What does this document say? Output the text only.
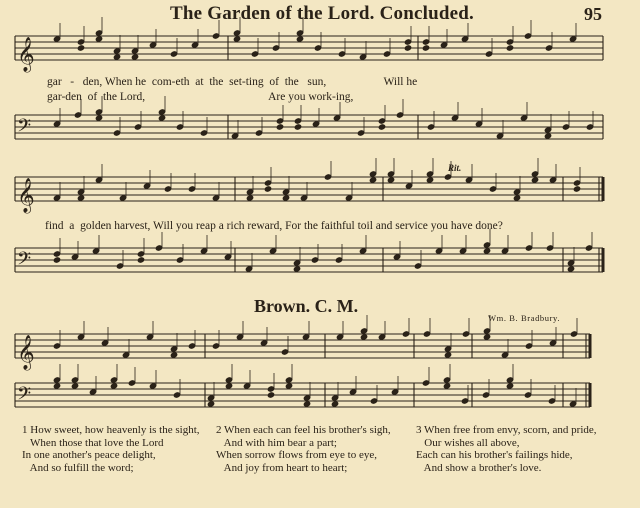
𝄞
𝄢
𝄞
𝄢
𝄞
𝄢
The Garden of the Lord. Concluded.	95
gar   -   den, When he  com-eth  at  the  set-ting  of  the   sun,                    Will he
gar-den  of  the Lord,                                           Are you work-ing,
Rit.
find  a  golden harvest, Will you reap a rich reward, For the faithful toil and service you have done?
Brown. C. M.
Wm. B. Bradbury.
1 How sweet, how heavenly is the sight,
When those that love the Lord
In one another's peace delight,
And so fulfill the word;
2 When each can feel his brother's sigh,
And with him bear a part;
When sorrow flows from eye to eye,
And joy from heart to heart;
3 When free from envy, scorn, and pride,
Our wishes all above,
Each can his brother's failings hide,
And show a brother's love.
